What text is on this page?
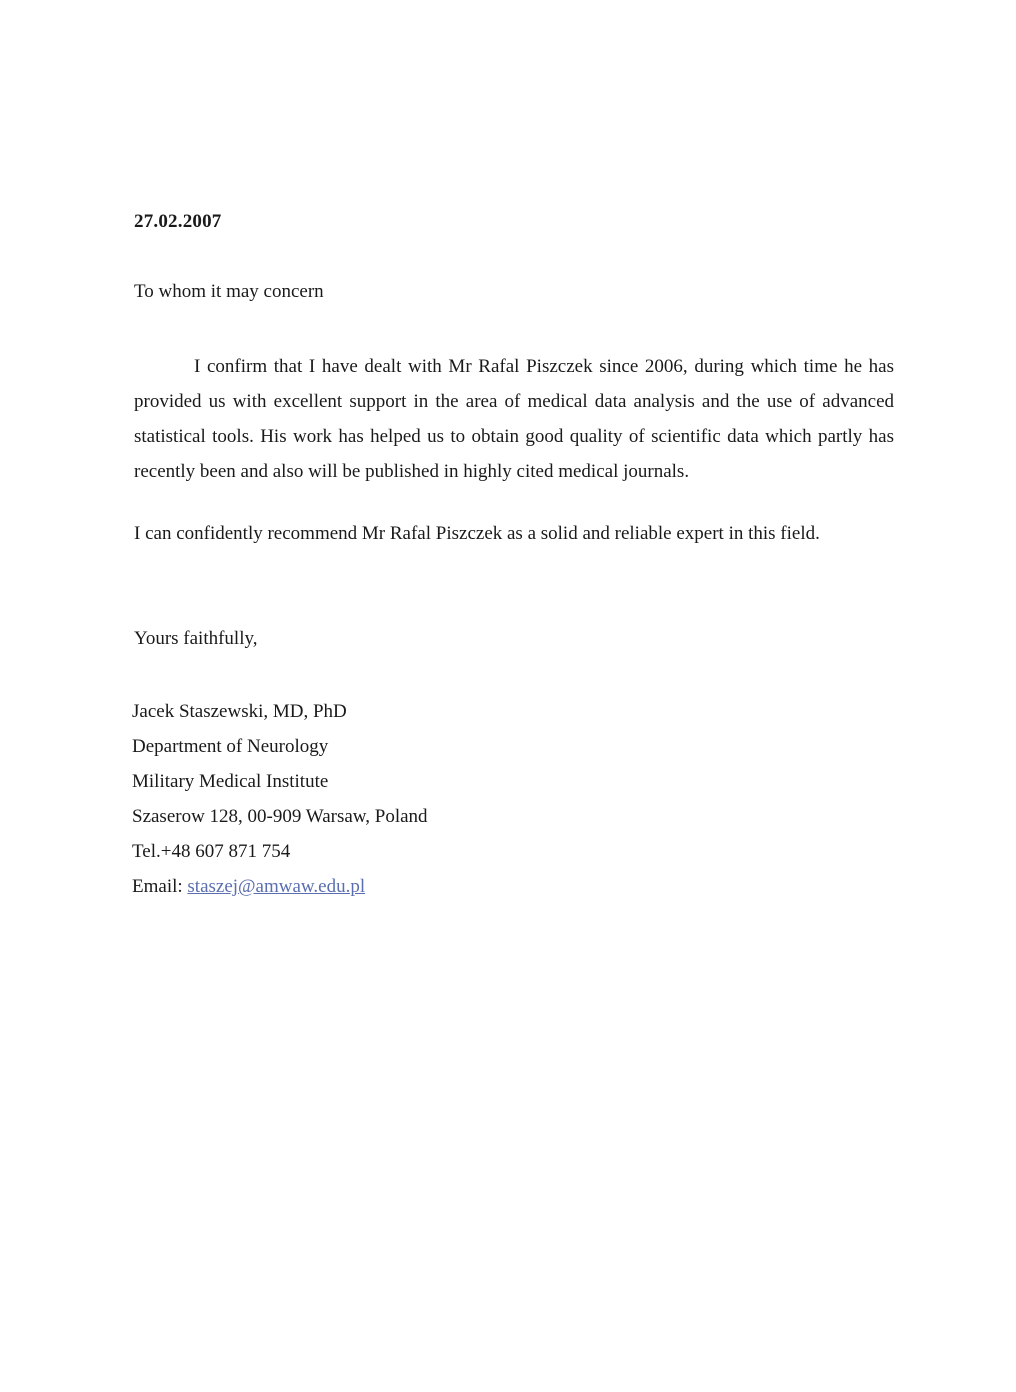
27.02.2007
To whom it may concern

I confirm that I have dealt with Mr Rafal Piszczek since 2006, during which time he has provided us with excellent support in the area of medical data analysis and the use of advanced statistical tools. His work has helped us to obtain good quality of scientific data which partly has recently been and also will be published in highly cited medical journals.

I can confidently recommend Mr Rafal Piszczek as a solid and reliable expert in this field.
Yours faithfully,
Jacek Staszewski, MD, PhD
Department of Neurology
Military Medical Institute
Szaserow 128, 00-909 Warsaw, Poland
Tel.+48 607 871 754
Email: staszej@amwaw.edu.pl
